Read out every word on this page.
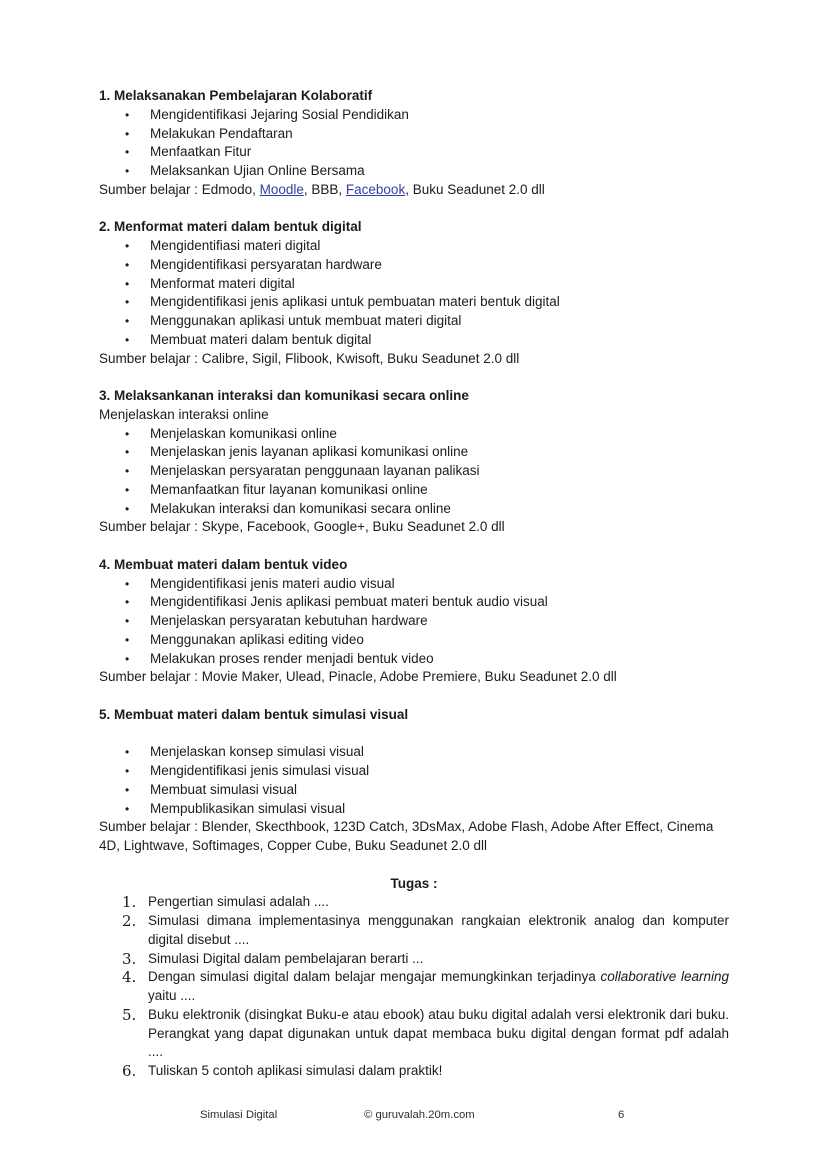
1. Melaksanakan Pembelajaran Kolaboratif
•	Mengidentifikasi Jejaring Sosial Pendidikan
•	Melakukan Pendaftaran
•	Menfaatkan Fitur
•	Melaksankan Ujian Online Bersama
Sumber belajar : Edmodo, Moodle, BBB, Facebook, Buku Seadunet 2.0 dll
2. Menformat materi dalam bentuk digital
•	Mengidentifiasi materi digital
•	Mengidentifikasi persyaratan hardware
•	Menformat materi digital
•	Mengidentifikasi jenis aplikasi untuk pembuatan materi bentuk digital
•	Menggunakan aplikasi untuk membuat materi digital
•	Membuat materi dalam bentuk digital
Sumber belajar : Calibre, Sigil, Flibook, Kwisoft, Buku Seadunet 2.0 dll
3. Melaksankanan interaksi dan komunikasi secara online
Menjelaskan interaksi online
•	Menjelaskan komunikasi online
•	Menjelaskan jenis layanan aplikasi komunikasi online
•	Menjelaskan persyaratan penggunaan layanan palikasi
•	Memanfaatkan fitur layanan komunikasi online
•	Melakukan interaksi dan komunikasi secara online
Sumber belajar : Skype, Facebook, Google+, Buku Seadunet 2.0 dll
4. Membuat materi dalam bentuk video
•	Mengidentifikasi jenis materi audio visual
•	Mengidentifikasi Jenis aplikasi pembuat materi bentuk audio visual
•	Menjelaskan persyaratan kebutuhan hardware
•	Menggunakan aplikasi editing video
•	Melakukan proses render menjadi bentuk video
Sumber belajar : Movie Maker, Ulead, Pinacle, Adobe Premiere, Buku Seadunet 2.0 dll
5. Membuat materi dalam bentuk simulasi visual
•	Menjelaskan konsep simulasi visual
•	Mengidentifikasi jenis simulasi visual
•	Membuat simulasi visual
•	Mempublikasikan simulasi visual
Sumber belajar : Blender, Skecthbook, 123D Catch, 3DsMax, Adobe Flash, Adobe After Effect, Cinema 4D, Lightwave, Softimages, Copper Cube, Buku Seadunet 2.0 dll
Tugas :
1. Pengertian simulasi adalah ....
2. Simulasi dimana implementasinya menggunakan rangkaian elektronik analog dan komputer digital disebut ....
3. Simulasi Digital dalam pembelajaran berarti ...
4. Dengan simulasi digital dalam belajar mengajar memungkinkan terjadinya collaborative learning yaitu ....
5. Buku elektronik (disingkat Buku-e atau ebook) atau buku digital adalah versi elektronik dari buku. Perangkat yang dapat digunakan untuk dapat membaca buku digital dengan format pdf adalah ....
6. Tuliskan 5 contoh aplikasi simulasi dalam praktik!
Simulasi Digital	© guruvalah.20m.com	6
